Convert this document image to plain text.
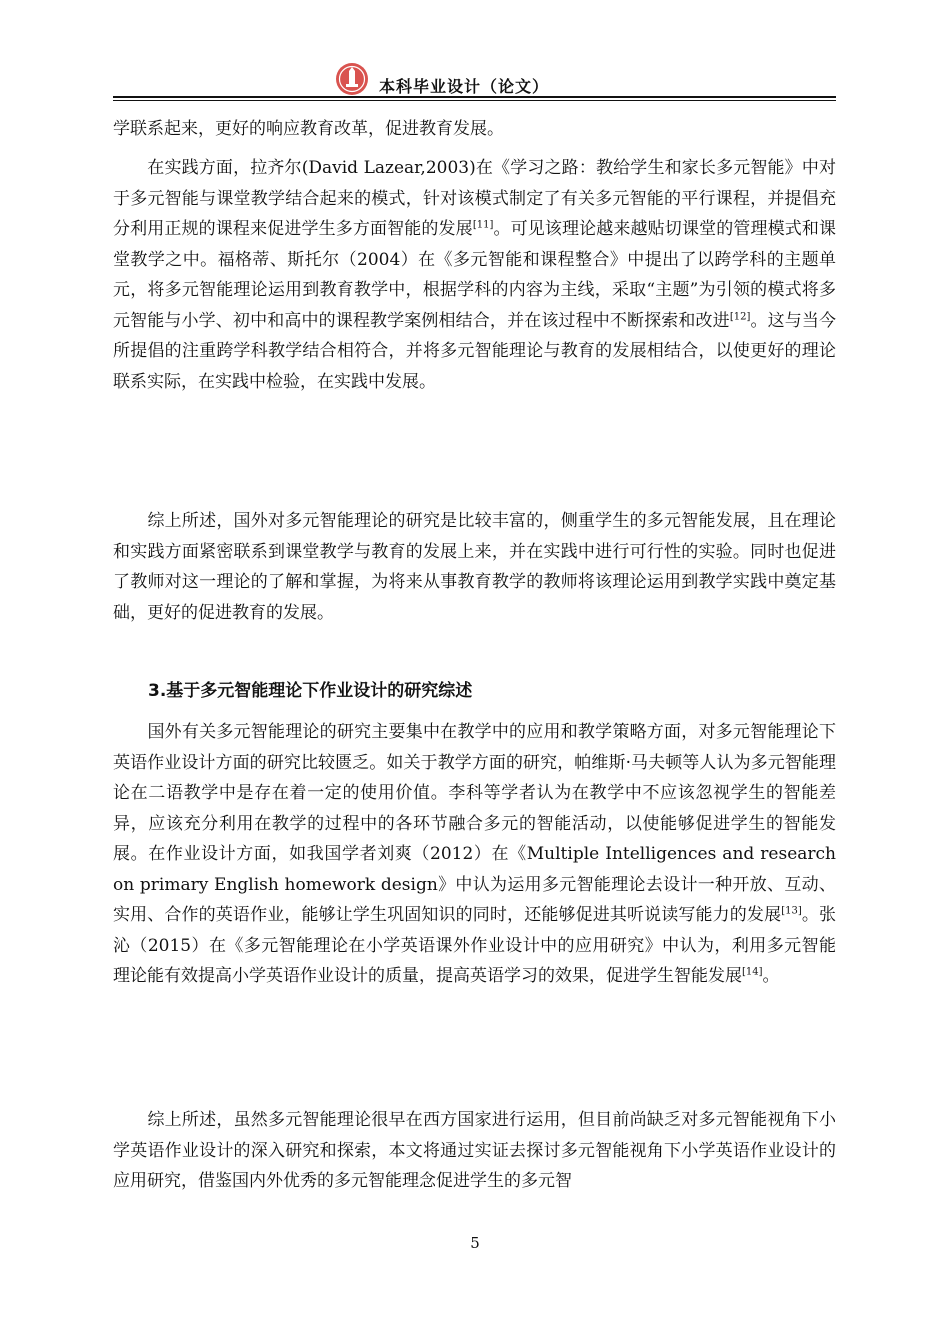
本科毕业设计（论文）

学联系起来，更好的响应教育改革，促进教育发展。

　　在实践方面，拉齐尔(David Lazear,2003)在《学习之路：教给学生和家长多元智能》中对于多元智能与课堂教学结合起来的模式，针对该模式制定了有关多元智能的平行课程，并提倡充分利用正规的课程来促进学生多方面智能的发展[11]。可见该理论越来越贴切课堂的管理模式和课堂教学之中。福格蒂、斯托尔（2004）在《多元智能和课程整合》中提出了以跨学科的主题单元，将多元智能理论运用到教育教学中，根据学科的内容为主线，采取“主题”为引领的模式将多元智能与小学、初中和高中的课程教学案例相结合，并在该过程中不断探索和改进[12]。这与当今所提倡的注重跨学科教学结合相符合，并将多元智能理论与教育的发展相结合，以使更好的理论联系实际，在实践中检验，在实践中发展。

　　综上所述，国外对多元智能理论的研究是比较丰富的，侧重学生的多元智能发展，且在理论和实践方面紧密联系到课堂教学与教育的发展上来，并在实践中进行可行性的实验。同时也促进了教师对这一理论的了解和掌握，为将来从事教育教学的教师将该理论运用到教学实践中奠定基础，更好的促进教育的发展。

3.基于多元智能理论下作业设计的研究综述

　　国外有关多元智能理论的研究主要集中在教学中的应用和教学策略方面，对多元智能理论下英语作业设计方面的研究比较匮乏。如关于教学方面的研究，帕维斯·马夫顿等人认为多元智能理论在二语教学中是存在着一定的使用价值。李科等学者认为在教学中不应该忽视学生的智能差异，应该充分利用在教学的过程中的各环节融合多元的智能活动，以使能够促进学生的智能发展。在作业设计方面，如我国学者刘爽（2012）在《Multiple Intelligences and research on primary English homework design》中认为运用多元智能理论去设计一种开放、互动、实用、合作的英语作业，能够让学生巩固知识的同时，还能够促进其听说读写能力的发展[13]。张沁（2015）在《多元智能理论在小学英语课外作业设计中的应用研究》中认为，利用多元智能理论能有效提高小学英语作业设计的质量，提高英语学习的效果，促进学生智能发展[14]。

　　综上所述，虽然多元智能理论很早在西方国家进行运用，但目前尚缺乏对多元智能视角下小学英语作业设计的深入研究和探索，本文将通过实证去探讨多元智能视角下小学英语作业设计的应用研究，借鉴国内外优秀的多元智能理念促进学生的多元智

5
